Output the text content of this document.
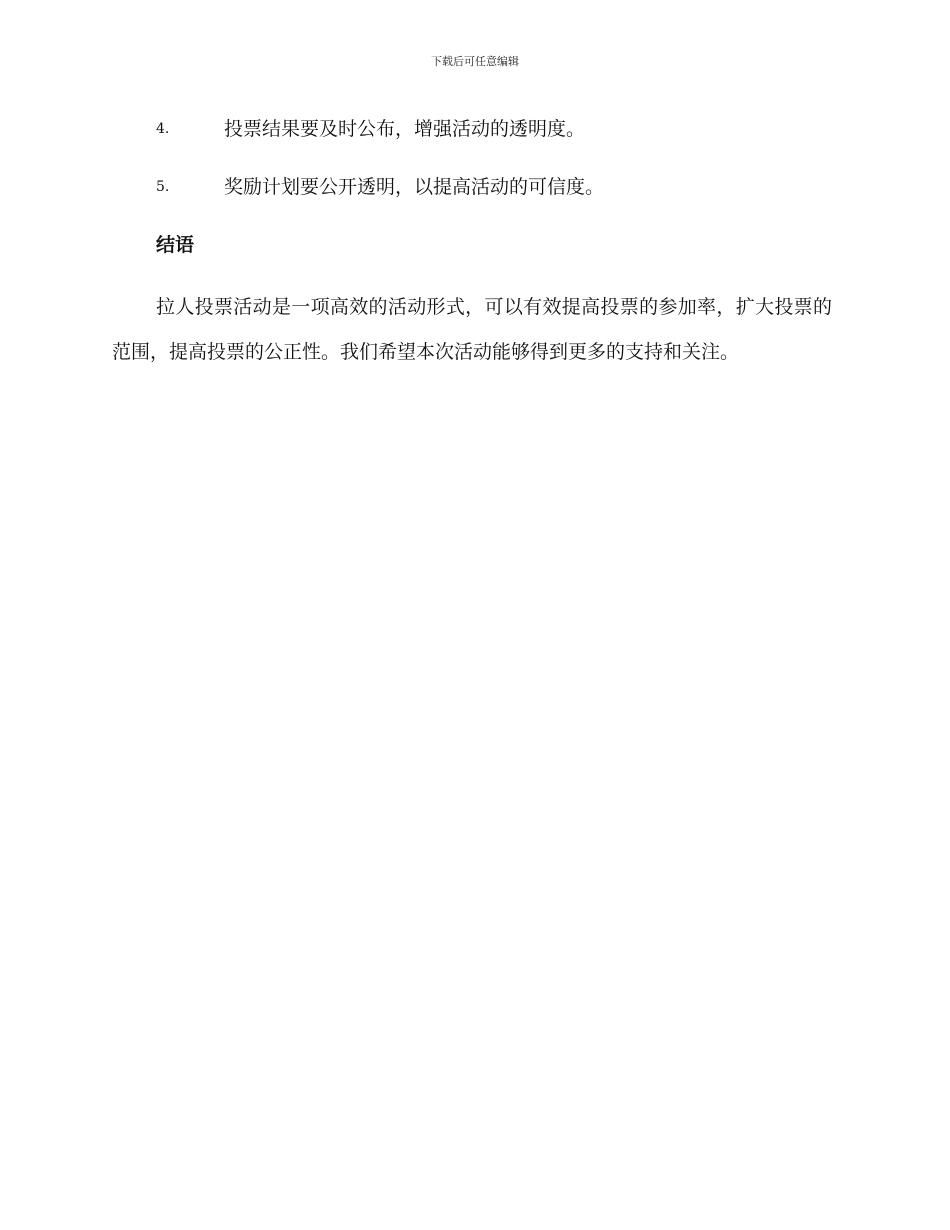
下载后可任意编辑
4.	投票结果要及时公布，增强活动的透明度。
5.	奖励计划要公开透明，以提高活动的可信度。
结语

拉人投票活动是一项高效的活动形式，可以有效提高投票的参加率，扩大投票的范围，提高投票的公正性。我们希望本次活动能够得到更多的支持和关注。
